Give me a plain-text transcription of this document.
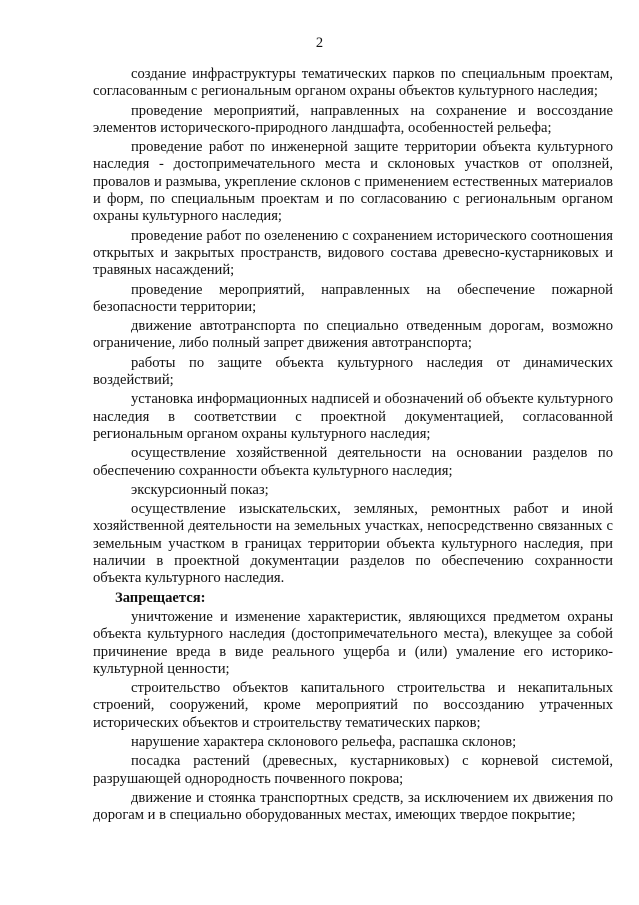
2

создание инфраструктуры тематических парков по специальным проектам, согласованным с региональным органом охраны объектов культурного наследия;

проведение мероприятий, направленных на сохранение и воссоздание элементов исторического-природного ландшафта, особенностей рельефа;

проведение работ по инженерной защите территории объекта культурного наследия - достопримечательного места и склоновых участков от оползней, провалов и размыва, укрепление склонов с применением естественных материалов и форм, по специальным проектам и по согласованию с региональным органом охраны культурного наследия;

проведение работ по озеленению с сохранением исторического соотношения открытых и закрытых пространств, видового состава древесно-кустарниковых и травяных насаждений;

проведение мероприятий, направленных на обеспечение пожарной безопасности территории;

движение автотранспорта по специально отведенным дорогам, возможно ограничение, либо полный запрет движения автотранспорта;

работы по защите объекта культурного наследия от динамических воздействий;

установка информационных надписей и обозначений об объекте культурного наследия в соответствии с проектной документацией, согласованной региональным органом охраны культурного наследия;

осуществление хозяйственной деятельности на основании разделов по обеспечению сохранности объекта культурного наследия;

экскурсионный показ;

осуществление изыскательских, земляных, ремонтных работ и иной хозяйственной деятельности на земельных участках, непосредственно связанных с земельным участком в границах территории объекта культурного наследия, при наличии в проектной документации разделов по обеспечению сохранности объекта культурного наследия.

Запрещается:

уничтожение и изменение характеристик, являющихся предметом охраны объекта культурного наследия (достопримечательного места), влекущее за собой причинение вреда в виде реального ущерба и (или) умаление его историко-культурной ценности;

строительство объектов капитального строительства и некапитальных строений, сооружений, кроме мероприятий по воссозданию утраченных исторических объектов и строительству тематических парков;

нарушение характера склонового рельефа, распашка склонов;

посадка растений (древесных, кустарниковых) с корневой системой, разрушающей однородность почвенного покрова;

движение и стоянка транспортных средств, за исключением их движения по дорогам и в специально оборудованных местах, имеющих твердое покрытие;
